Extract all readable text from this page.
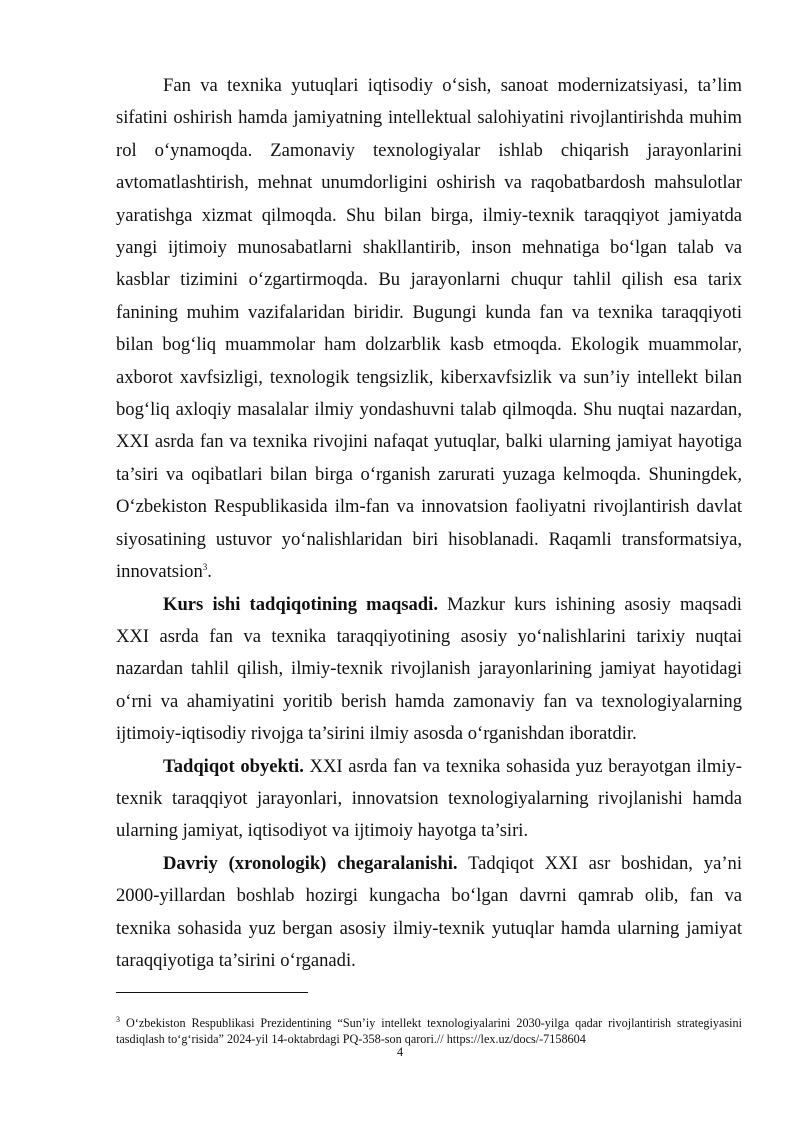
Fan va texnika yutuqlari iqtisodiy o‘sish, sanoat modernizatsiyasi, ta’lim sifatini oshirish hamda jamiyatning intellektual salohiyatini rivojlantirishda muhim rol o‘ynamoqda. Zamonaviy texnologiyalar ishlab chiqarish jarayonlarini avtomatlashtirish, mehnat unumdorligini oshirish va raqobatbardosh mahsulotlar yaratishga xizmat qilmoqda. Shu bilan birga, ilmiy-texnik taraqqiyot jamiyatda yangi ijtimoiy munosabatlarni shakllantirib, inson mehnatiga bo‘lgan talab va kasblar tizimini o‘zgartirmoqda. Bu jarayonlarni chuqur tahlil qilish esa tarix fanining muhim vazifalaridan biridir. Bugungi kunda fan va texnika taraqqiyoti bilan bog‘liq muammolar ham dolzarblik kasb etmoqda. Ekologik muammolar, axborot xavfsizligi, texnologik tengsizlik, kiberxavfsizlik va sun’iy intellekt bilan bog‘liq axloqiy masalalar ilmiy yondashuvni talab qilmoqda. Shu nuqtai nazardan, XXI asrda fan va texnika rivojini nafaqat yutuqlar, balki ularning jamiyat hayotiga ta’siri va oqibatlari bilan birga o‘rganish zarurati yuzaga kelmoqda. Shuningdek, O‘zbekiston Respublikasida ilm-fan va innovatsion faoliyatni rivojlantirish davlat siyosatining ustuvor yo‘nalishlaridan biri hisoblanadi. Raqamli transformatsiya, innovatsion$^3$.

Kurs ishi tadqiqotining maqsadi. Mazkur kurs ishining asosiy maqsadi XXI asrda fan va texnika taraqqiyotining asosiy yo‘nalishlarini tarixiy nuqtai nazardan tahlil qilish, ilmiy-texnik rivojlanish jarayonlarining jamiyat hayotidagi o‘rni va ahamiyatini yoritib berish hamda zamonaviy fan va texnologiyalarning ijtimoiy-iqtisodiy rivojga ta’sirini ilmiy asosda o‘rganishdan iboratdir.

Tadqiqot obyekti. XXI asrda fan va texnika sohasida yuz berayotgan ilmiy-texnik taraqqiyot jarayonlari, innovatsion texnologiyalarning rivojlanishi hamda ularning jamiyat, iqtisodiyot va ijtimoiy hayotga ta’siri.

Davriy (xronologik) chegaralanishi. Tadqiqot XXI asr boshidan, ya’ni 2000-yillardan boshlab hozirgi kungacha bo‘lgan davrni qamrab olib, fan va texnika sohasida yuz bergan asosiy ilmiy-texnik yutuqlar hamda ularning jamiyat taraqqiyotiga ta’sirini o‘rganadi.

$^3$ O‘zbekiston Respublikasi Prezidentining “Sun’iy intellekt texnologiyalarini 2030-yilga qadar rivojlantirish strategiyasini tasdiqlash to‘g‘risida” 2024-yil 14-oktabrdagi PQ-358-son qarori.// https://lex.uz/docs/-7158604

4
